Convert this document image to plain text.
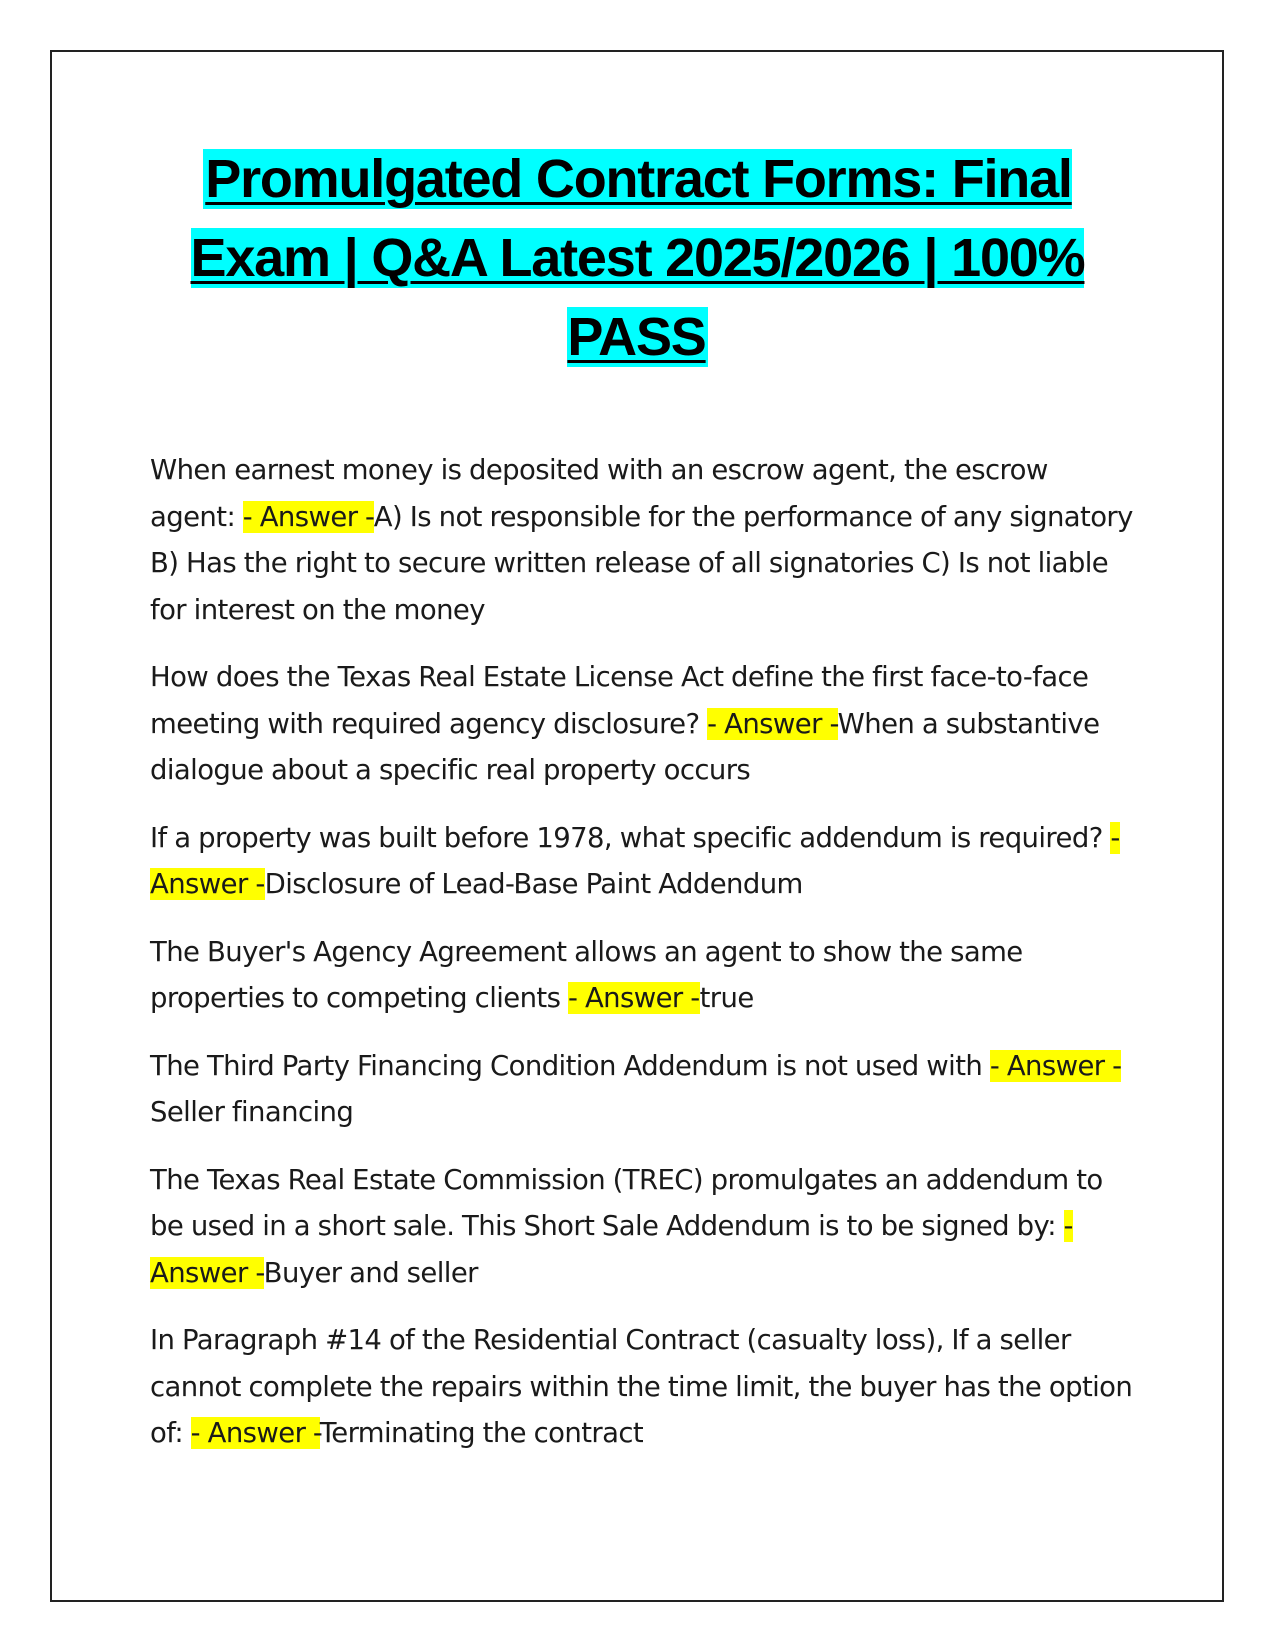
Promulgated Contract Forms: Final Exam | Q&A Latest 2025/2026 | 100% PASS

When earnest money is deposited with an escrow agent, the escrow agent: - Answer -A) Is not responsible for the performance of any signatory B) Has the right to secure written release of all signatories C) Is not liable for interest on the money

How does the Texas Real Estate License Act define the first face-to-face meeting with required agency disclosure? - Answer -When a substantive dialogue about a specific real property occurs

If a property was built before 1978, what specific addendum is required? - Answer -Disclosure of Lead-Base Paint Addendum

The Buyer's Agency Agreement allows an agent to show the same properties to competing clients - Answer -true

The Third Party Financing Condition Addendum is not used with - Answer -Seller financing

The Texas Real Estate Commission (TREC) promulgates an addendum to be used in a short sale. This Short Sale Addendum is to be signed by: - Answer -Buyer and seller

In Paragraph #14 of the Residential Contract (casualty loss), If a seller cannot complete the repairs within the time limit, the buyer has the option of: - Answer -Terminating the contract
